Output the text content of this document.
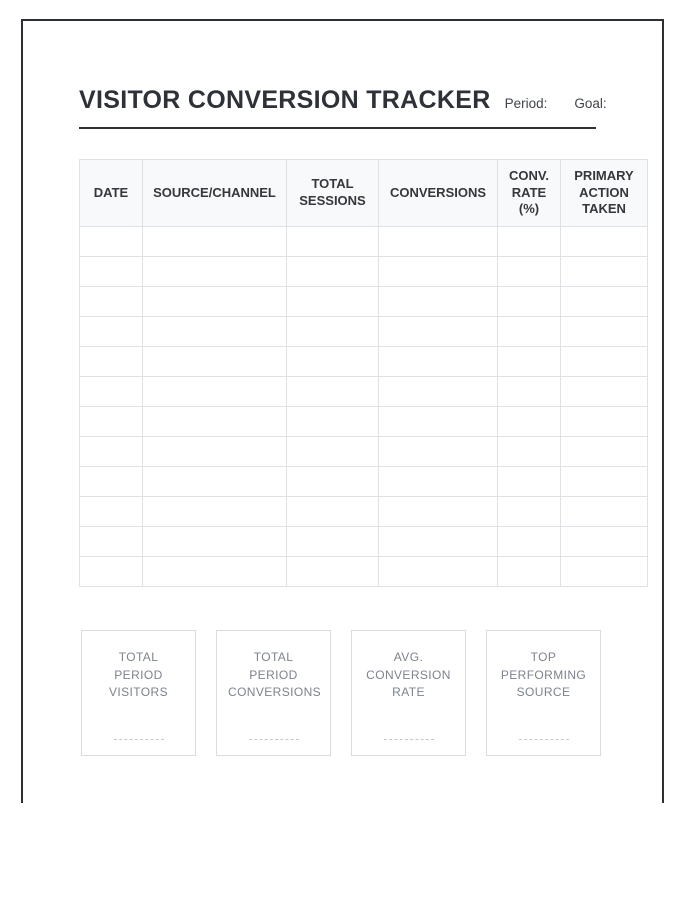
VISITOR CONVERSION TRACKER Period: Goal:
DATE	SOURCE/CHANNEL	TOTAL SESSIONS	CONVERSIONS	CONV. RATE (%)	PRIMARY ACTION TAKEN

TOTAL PERIOD VISITORS
TOTAL PERIOD CONVERSIONS
AVG. CONVERSION RATE
TOP PERFORMING SOURCE
